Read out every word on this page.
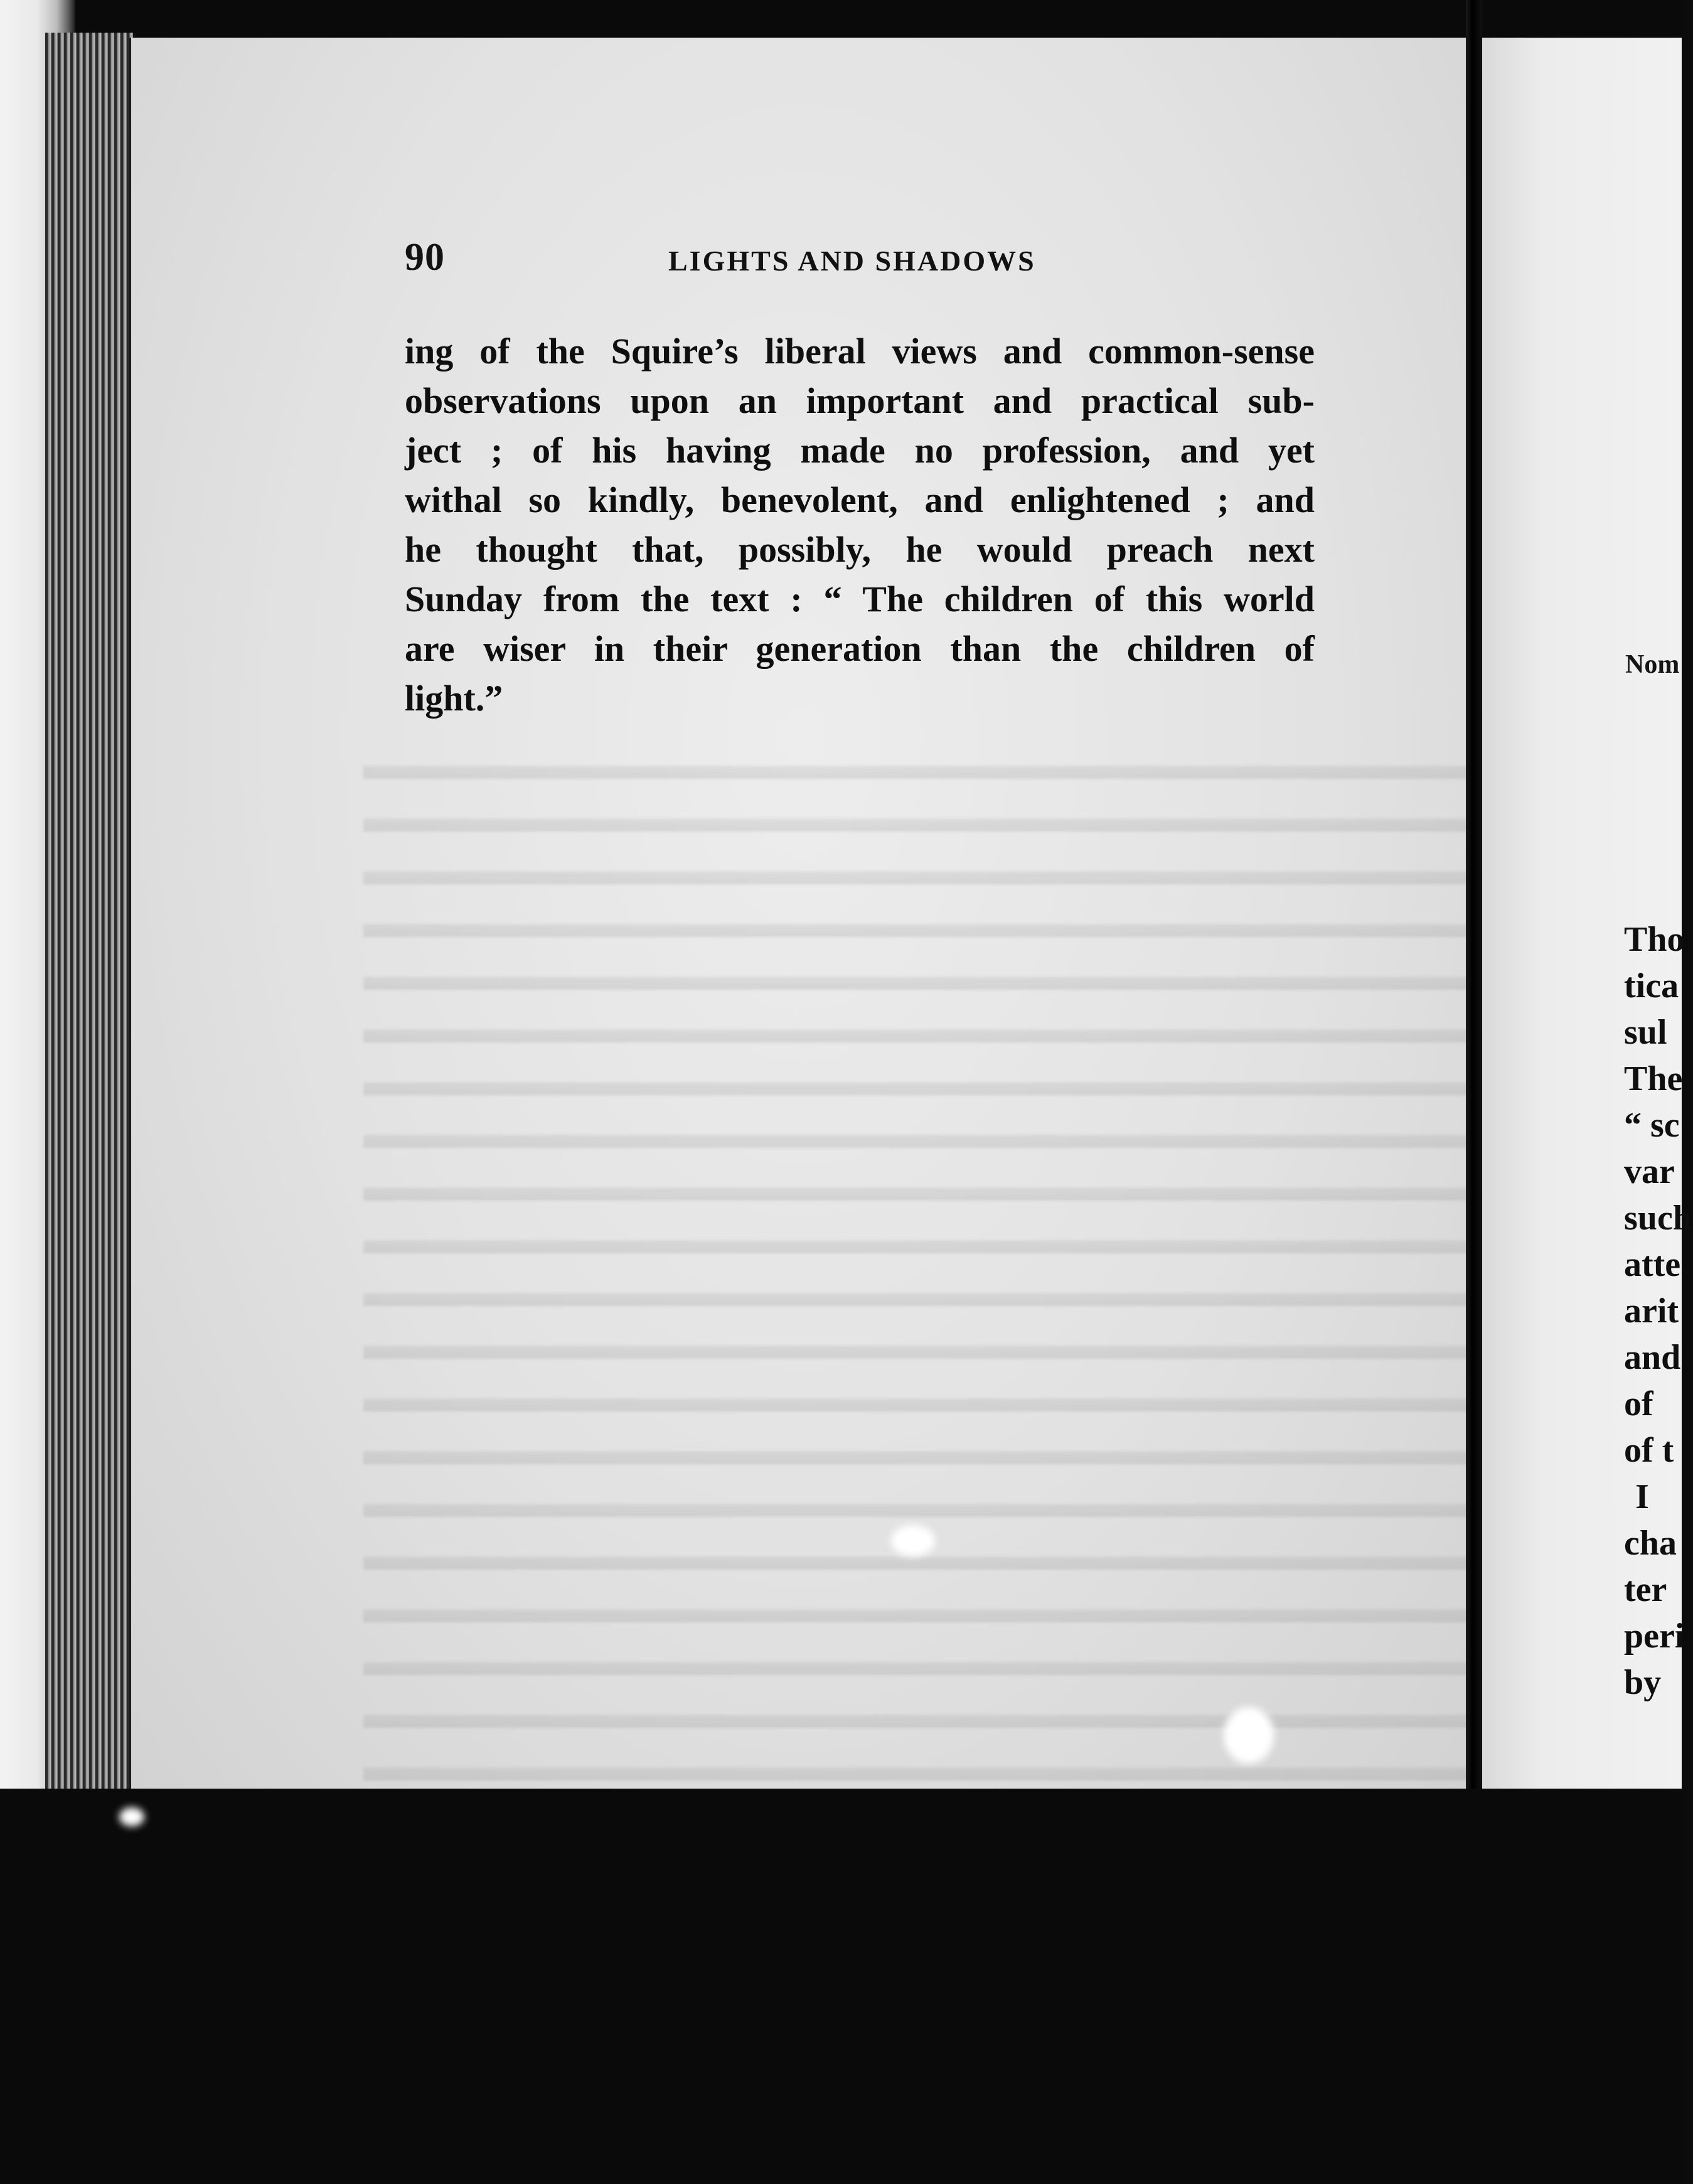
90	LIGHTS AND SHADOWS
ing of the Squire’s liberal views and common-sense
observations upon an important and practical sub-
ject ; of his having made no profession, and yet
withal so kindly, benevolent, and enlightened ; and
he thought that, possibly, he would preach next
Sunday from the text : “ The children of this world
are wiser in their generation than the children of
light.”
Nom
Tho
tica
sul
The
“ sc
var
such
atte
arit
and
of
of t
I
cha
ter
peri
by
